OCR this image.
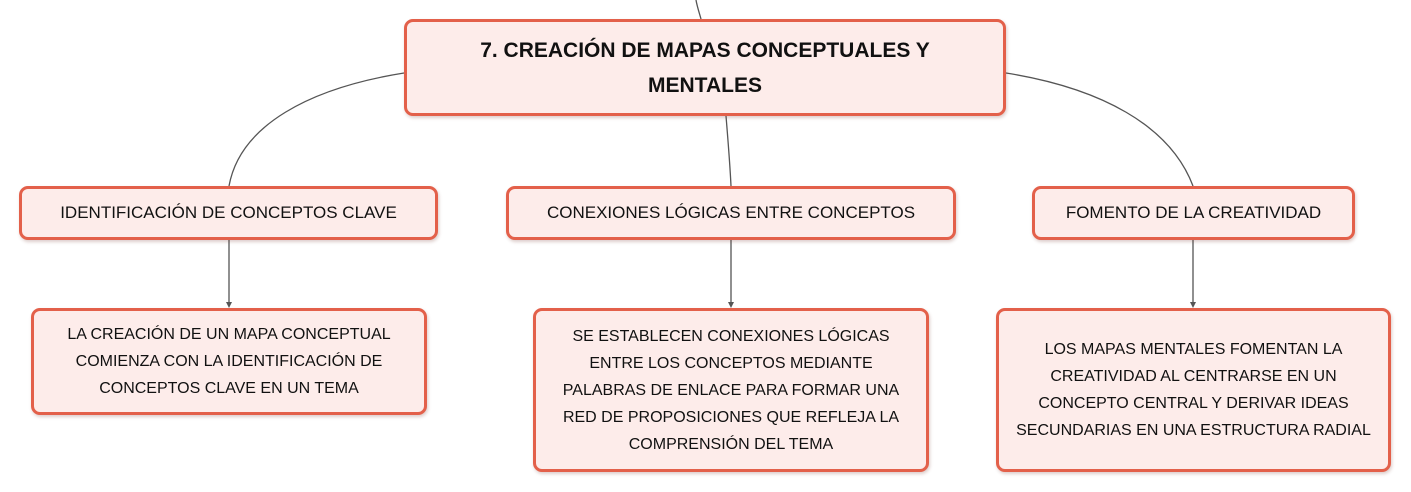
7. CREACIÓN DE MAPAS CONCEPTUALES Y MENTALES
IDENTIFICACIÓN DE CONCEPTOS CLAVE	CONEXIONES LÓGICAS ENTRE CONCEPTOS	FOMENTO DE LA CREATIVIDAD
LA CREACIÓN DE UN MAPA CONCEPTUAL COMIENZA CON LA IDENTIFICACIÓN DE CONCEPTOS CLAVE EN UN TEMA
SE ESTABLECEN CONEXIONES LÓGICAS ENTRE LOS CONCEPTOS MEDIANTE PALABRAS DE ENLACE PARA FORMAR UNA RED DE PROPOSICIONES QUE REFLEJA LA COMPRENSIÓN DEL TEMA
LOS MAPAS MENTALES FOMENTAN LA CREATIVIDAD AL CENTRARSE EN UN CONCEPTO CENTRAL Y DERIVAR IDEAS SECUNDARIAS EN UNA ESTRUCTURA RADIAL
